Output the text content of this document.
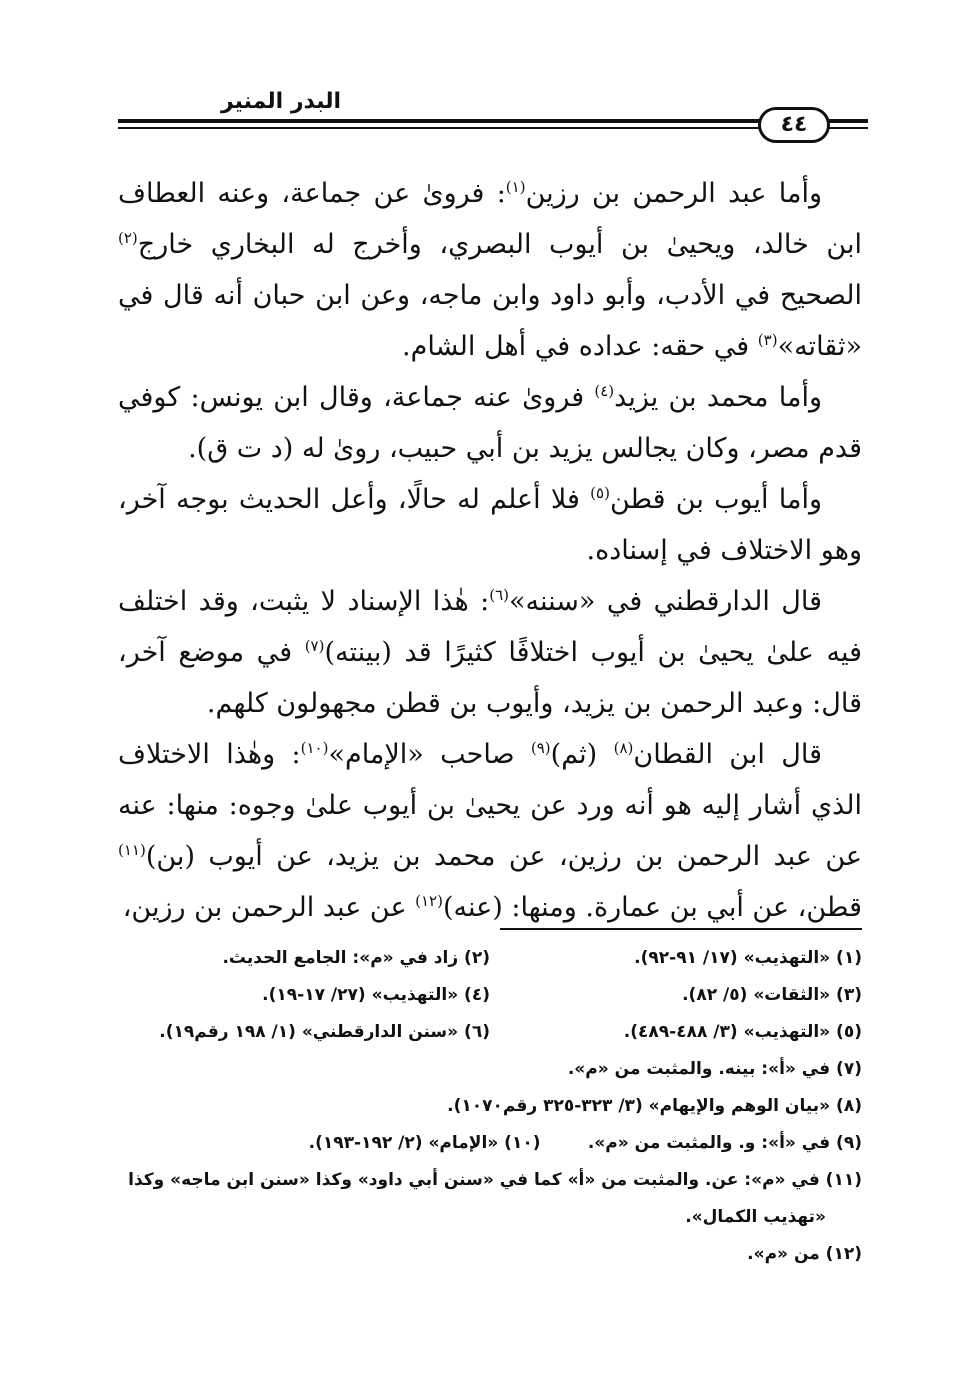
البدر المنير
٤٤

وأما عبد الرحمن بن رزين$^{(١)}$: فروىٰ عن جماعة، وعنه العطاف ابن خالد، ويحيىٰ بن أيوب البصري، وأخرج له البخاري خارج$^{(٢)}$ الصحيح في الأدب، وأبو داود وابن ماجه، وعن ابن حبان أنه قال في «ثقاته»$^{(٣)}$ في حقه: عداده في أهل الشام.

وأما محمد بن يزيد$^{(٤)}$ فروىٰ عنه جماعة، وقال ابن يونس: كوفي قدم مصر، وكان يجالس يزيد بن أبي حبيب، روىٰ له (د ت ق).

وأما أيوب بن قطن$^{(٥)}$ فلا أعلم له حالًا، وأعل الحديث بوجه آخر، وهو الاختلاف في إسناده.

قال الدارقطني في «سننه»$^{(٦)}$: هٰذا الإسناد لا يثبت، وقد اختلف فيه علىٰ يحيىٰ بن أيوب اختلافًا كثيرًا قد (بينته)$^{(٧)}$ في موضع آخر، قال: وعبد الرحمن بن يزيد، وأيوب بن قطن مجهولون كلهم.

قال ابن القطان$^{(٨)}$ (ثم)$^{(٩)}$ صاحب «الإمام»$^{(١٠)}$: وهٰذا الاختلاف الذي أشار إليه هو أنه ورد عن يحيىٰ بن أيوب علىٰ وجوه: منها: عنه عن عبد الرحمن بن رزين، عن محمد بن يزيد، عن أيوب (بن)$^{(١١)}$ قطن، عن أبي بن عمارة. ومنها: (عنه)$^{(١٢)}$ عن عبد الرحمن بن رزين،

(١) «التهذيب» (١٧/ ٩١-٩٢).
(٢) زاد في «م»: الجامع الحديث.
(٣) «الثقات» (٥/ ٨٢).
(٤) «التهذيب» (٢٧/ ١٧-١٩).
(٥) «التهذيب» (٣/ ٤٨٨-٤٨٩).
(٦) «سنن الدارقطني» (١/ ١٩٨ رقم١٩).
(٧) في «أ»: بينه. والمثبت من «م».
(٨) «بيان الوهم والإيهام» (٣/ ٣٢٣-٣٢٥ رقم١٠٧٠).
(٩) في «أ»: و. والمثبت من «م».        (١٠) «الإمام» (٢/ ١٩٢-١٩٣).
(١١) في «م»: عن. والمثبت من «أ» كما في «سنن أبي داود» وكذا «سنن ابن ماجه» وكذا
«تهذيب الكمال».
(١٢) من «م».
